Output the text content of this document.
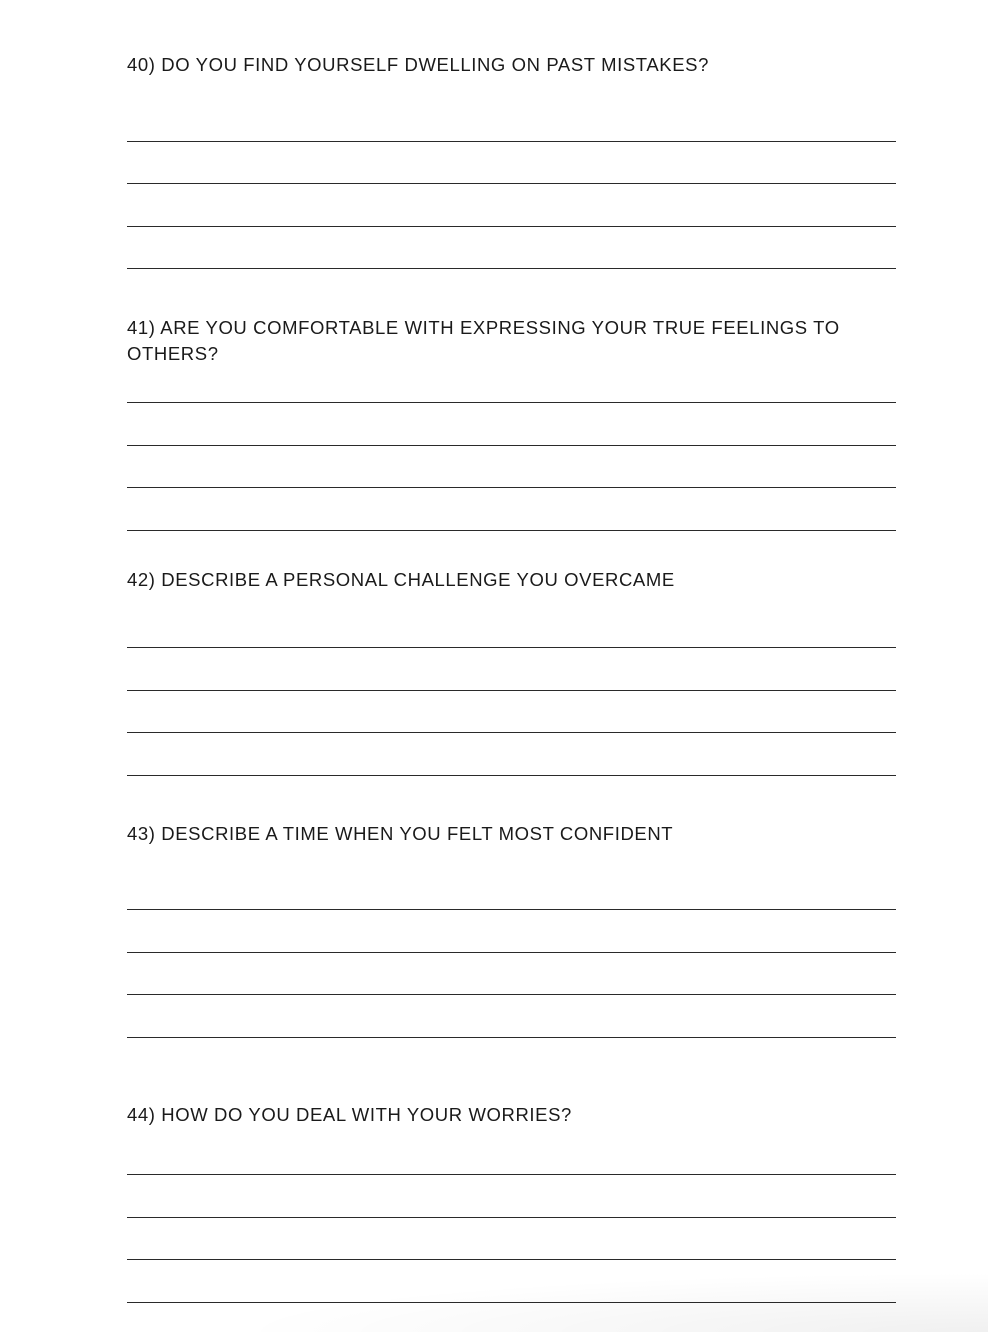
40) DO YOU FIND YOURSELF DWELLING ON PAST MISTAKES?

41) ARE YOU COMFORTABLE WITH EXPRESSING YOUR TRUE FEELINGS TO
OTHERS?

42) DESCRIBE A PERSONAL CHALLENGE YOU OVERCAME

43) DESCRIBE A TIME WHEN YOU FELT MOST CONFIDENT

44) HOW DO YOU DEAL WITH YOUR WORRIES?
